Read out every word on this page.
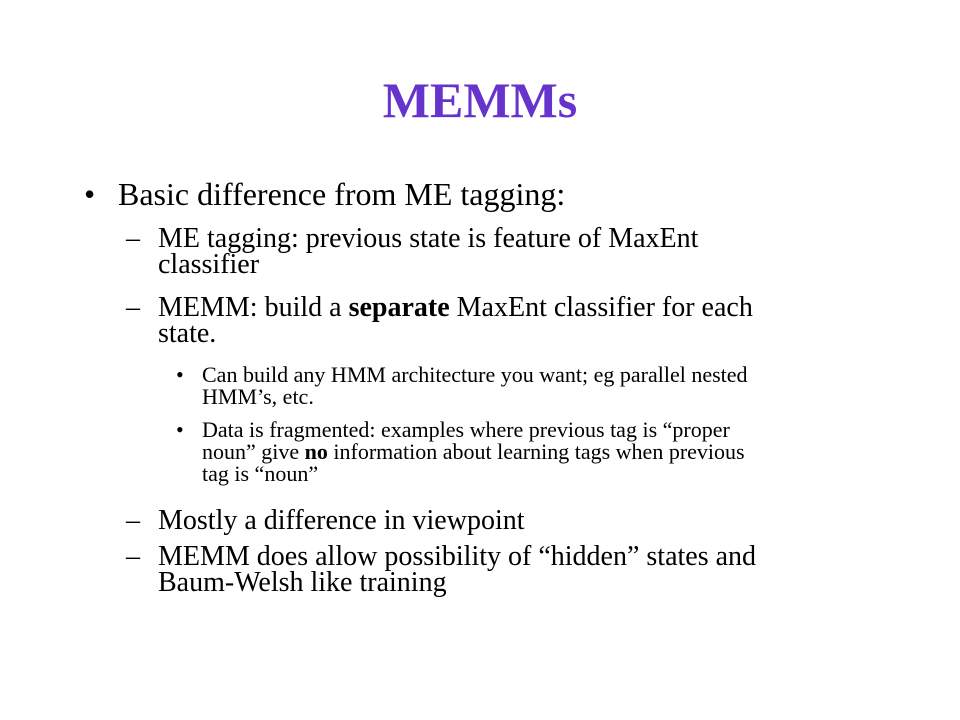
MEMMs
• Basic difference from ME tagging:
– ME tagging: previous state is feature of MaxEnt
classifier
– MEMM: build a separate MaxEnt classifier for each
state.
• Can build any HMM architecture you want; eg parallel nested
HMM’s, etc.
• Data is fragmented: examples where previous tag is “proper
noun” give no information about learning tags when previous
tag is “noun”
– Mostly a difference in viewpoint
– MEMM does allow possibility of “hidden” states and
Baum-Welsh like training
